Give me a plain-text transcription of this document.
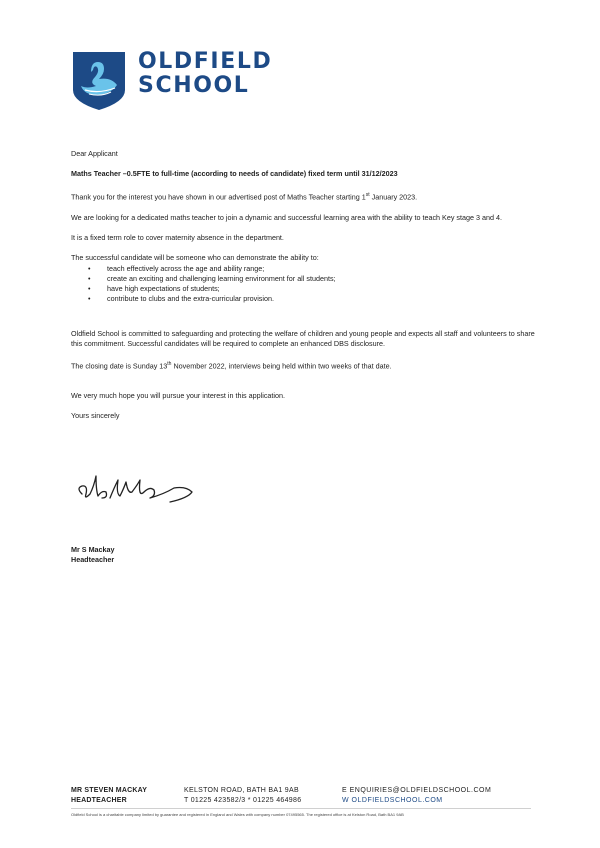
OLDFIELD
SCHOOL

Dear Applicant

Maths Teacher –0.5FTE to full-time (according to needs of candidate) fixed term until 31/12/2023

Thank you for the interest you have shown in our advertised post of Maths Teacher starting 1st January 2023.

We are looking for a dedicated maths teacher to join a dynamic and successful learning area with the ability to teach Key stage 3 and 4.

It is a fixed term role to cover maternity absence in the department.

The successful candidate will be someone who can demonstrate the ability to:

• teach effectively across the age and ability range;
• create an exciting and challenging learning environment for all students;
• have high expectations of students;
• contribute to clubs and the extra-curricular provision.

Oldfield School is committed to safeguarding and protecting the welfare of children and young people and expects all staff and volunteers to share this commitment. Successful candidates will be required to complete an enhanced DBS disclosure.

The closing date is Sunday 13th November 2022, interviews being held within two weeks of that date.

We very much hope you will pursue your interest in this application.

Yours sincerely

Mr S Mackay
Headteacher
MR STEVEN MACKAY
HEADTEACHER
KELSTON ROAD, BATH BA1 9AB
T 01225 423582/3 * 01225 464986
E ENQUIRIES@OLDFIELDSCHOOL.COM
W OLDFIELDSCHOOL.COM
Oldfield School is a charitable company limited by guarantee and registered in England and Wales with company number 07495565. The registered office is at Kelston Road, Bath BA1 9AB
